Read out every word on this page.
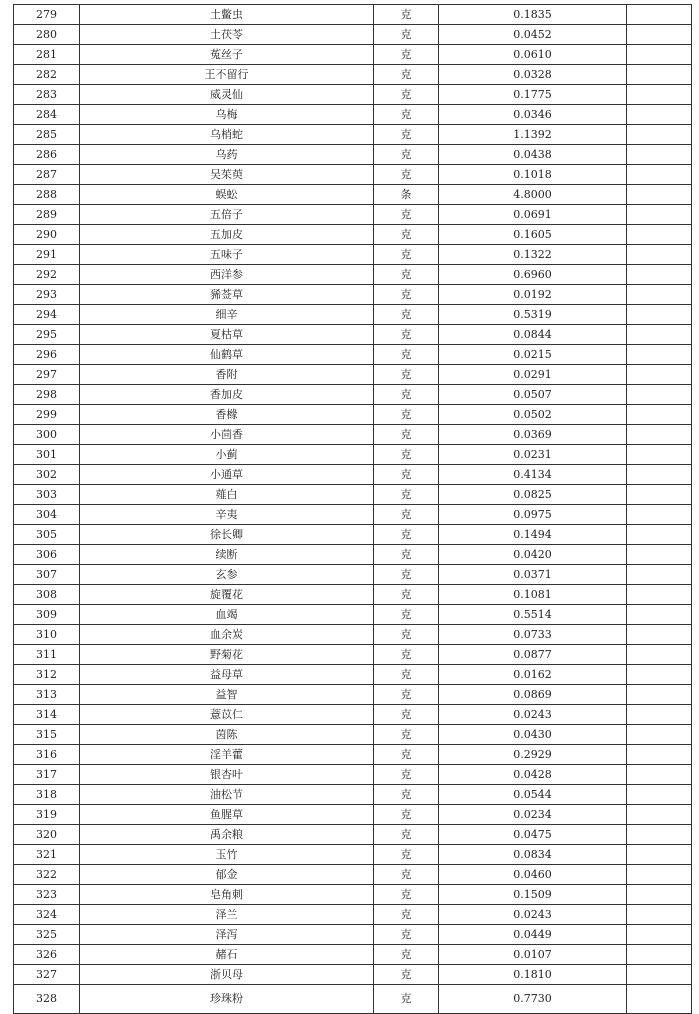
279	土鳖虫	克	0.1835	
280	土茯苓	克	0.0452	
281	菟丝子	克	0.0610	
282	王不留行	克	0.0328	
283	威灵仙	克	0.1775	
284	乌梅	克	0.0346	
285	乌梢蛇	克	1.1392	
286	乌药	克	0.0438	
287	吴茱萸	克	0.1018	
288	蜈蚣	条	4.8000	
289	五倍子	克	0.0691	
290	五加皮	克	0.1605	
291	五味子	克	0.1322	
292	西洋参	克	0.6960	
293	豨莶草	克	0.0192	
294	细辛	克	0.5319	
295	夏枯草	克	0.0844	
296	仙鹤草	克	0.0215	
297	香附	克	0.0291	
298	香加皮	克	0.0507	
299	香橼	克	0.0502	
300	小茴香	克	0.0369	
301	小蓟	克	0.0231	
302	小通草	克	0.4134	
303	薤白	克	0.0825	
304	辛夷	克	0.0975	
305	徐长卿	克	0.1494	
306	续断	克	0.0420	
307	玄参	克	0.0371	
308	旋覆花	克	0.1081	
309	血竭	克	0.5514	
310	血余炭	克	0.0733	
311	野菊花	克	0.0877	
312	益母草	克	0.0162	
313	益智	克	0.0869	
314	薏苡仁	克	0.0243	
315	茵陈	克	0.0430	
316	淫羊藿	克	0.2929	
317	银杏叶	克	0.0428	
318	油松节	克	0.0544	
319	鱼腥草	克	0.0234	
320	禹余粮	克	0.0475	
321	玉竹	克	0.0834	
322	郁金	克	0.0460	
323	皂角刺	克	0.1509	
324	泽兰	克	0.0243	
325	泽泻	克	0.0449	
326	赭石	克	0.0107	
327	浙贝母	克	0.1810	
328	珍珠粉	克	0.7730	
